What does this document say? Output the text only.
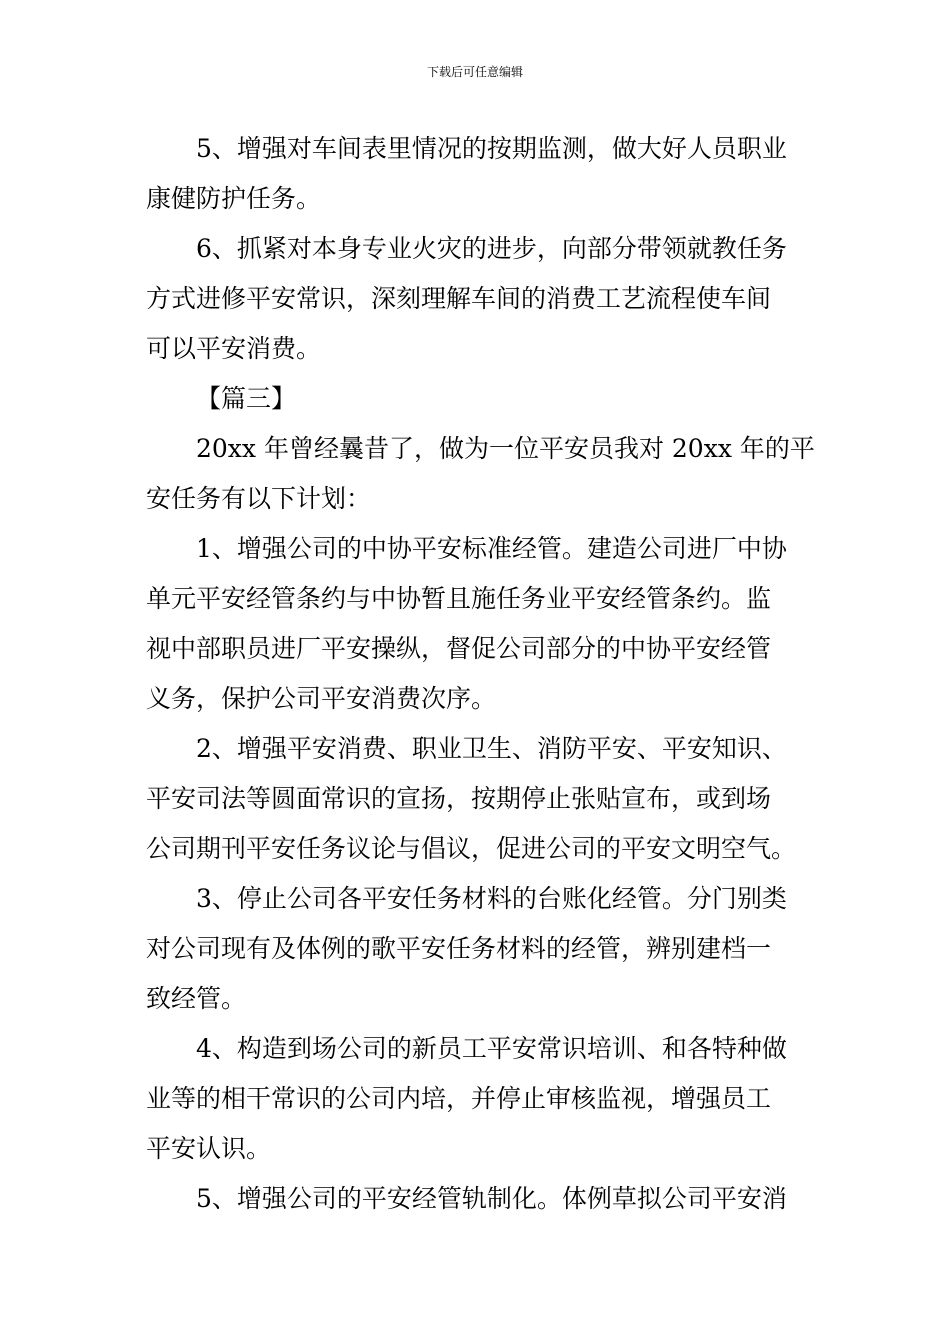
下载后可任意编辑
5、增强对车间表里情况的按期监测，做大好人员职业
康健防护任务。
6、抓紧对本身专业火灾的进步，向部分带领就教任务
方式进修平安常识，深刻理解车间的消费工艺流程使车间
可以平安消费。
【篇三】
20xx 年曾经曩昔了，做为一位平安员我对 20xx 年的平
安任务有以下计划：
1、增强公司的中协平安标准经管。建造公司进厂中协
单元平安经管条约与中协暂且施任务业平安经管条约。监
视中部职员进厂平安操纵，督促公司部分的中协平安经管
义务，保护公司平安消费次序。
2、增强平安消费、职业卫生、消防平安、平安知识、
平安司法等圆面常识的宣扬，按期停止张贴宣布，或到场
公司期刊平安任务议论与倡议，促进公司的平安文明空气。
3、停止公司各平安任务材料的台账化经管。分门别类
对公司现有及体例的歌平安任务材料的经管，辨别建档一
致经管。
4、构造到场公司的新员工平安常识培训、和各特种做
业等的相干常识的公司内培，并停止审核监视，增强员工
平安认识。
5、增强公司的平安经管轨制化。体例草拟公司平安消
